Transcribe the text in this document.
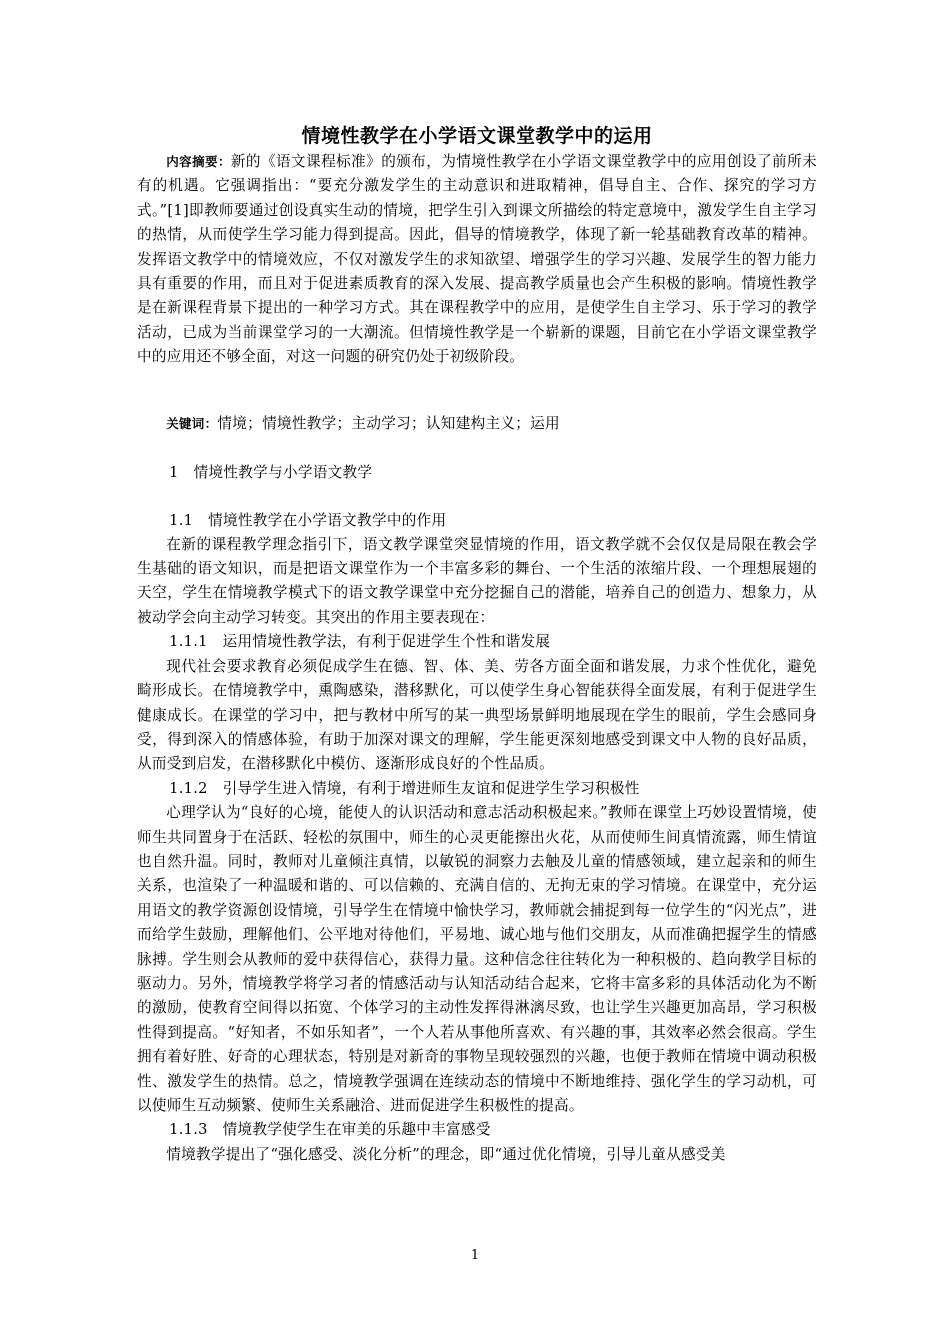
情境性教学在小学语文课堂教学中的运用

内容摘要：新的《语文课程标准》的颁布，为情境性教学在小学语文课堂教学中的应用创设了前所未有的机遇。它强调指出：“要充分激发学生的主动意识和进取精神，倡导自主、合作、探究的学习方式。”[1]即教师要通过创设真实生动的情境，把学生引入到课文所描绘的特定意境中，激发学生自主学习的热情，从而使学生学习能力得到提高。因此，倡导的情境教学，体现了新一轮基础教育改革的精神。发挥语文教学中的情境效应，不仅对激发学生的求知欲望、增强学生的学习兴趣、发展学生的智力能力具有重要的作用，而且对于促进素质教育的深入发展、提高教学质量也会产生积极的影响。情境性教学是在新课程背景下提出的一种学习方式。其在课程教学中的应用，是使学生自主学习、乐于学习的教学活动，已成为当前课堂学习的一大潮流。但情境性教学是一个崭新的课题，目前它在小学语文课堂教学中的应用还不够全面，对这一问题的研究仍处于初级阶段。

关键词：情境；情境性教学；主动学习；认知建构主义；运用

1　情境性教学与小学语文教学

1.1　情境性教学在小学语文教学中的作用

在新的课程教学理念指引下，语文教学课堂突显情境的作用，语文教学就不会仅仅是局限在教会学生基础的语文知识，而是把语文课堂作为一个丰富多彩的舞台、一个生活的浓缩片段、一个理想展翅的天空，学生在情境教学模式下的语文教学课堂中充分挖掘自己的潜能，培养自己的创造力、想象力，从被动学会向主动学习转变。其突出的作用主要表现在：

1.1.1　运用情境性教学法，有利于促进学生个性和谐发展

现代社会要求教育必须促成学生在德、智、体、美、劳各方面全面和谐发展，力求个性优化，避免畸形成长。在情境教学中，熏陶感染，潜移默化，可以使学生身心智能获得全面发展，有利于促进学生健康成长。在课堂的学习中，把与教材中所写的某一典型场景鲜明地展现在学生的眼前，学生会感同身受，得到深入的情感体验，有助于加深对课文的理解，学生能更深刻地感受到课文中人物的良好品质，从而受到启发，在潜移默化中模仿、逐渐形成良好的个性品质。

1.1.2　引导学生进入情境，有利于增进师生友谊和促进学生学习积极性

心理学认为“良好的心境，能使人的认识活动和意志活动积极起来。”教师在课堂上巧妙设置情境，使师生共同置身于在活跃、轻松的氛围中，师生的心灵更能擦出火花，从而使师生间真情流露，师生情谊也自然升温。同时，教师对儿童倾注真情，以敏锐的洞察力去触及儿童的情感领域，建立起亲和的师生关系，也渲染了一种温暖和谐的、可以信赖的、充满自信的、无拘无束的学习情境。在课堂中，充分运用语文的教学资源创设情境，引导学生在情境中愉快学习，教师就会捕捉到每一位学生的“闪光点”，进而给学生鼓励，理解他们、公平地对待他们，平易地、诚心地与他们交朋友，从而准确把握学生的情感脉搏。学生则会从教师的爱中获得信心，获得力量。这种信念往往转化为一种积极的、趋向教学目标的驱动力。另外，情境教学将学习者的情感活动与认知活动结合起来，它将丰富多彩的具体活动化为不断的激励，使教育空间得以拓宽、个体学习的主动性发挥得淋漓尽致，也让学生兴趣更加高昂，学习积极性得到提高。“好知者，不如乐知者”，一个人若从事他所喜欢、有兴趣的事，其效率必然会很高。学生拥有着好胜、好奇的心理状态，特别是对新奇的事物呈现较强烈的兴趣，也便于教师在情境中调动积极性、激发学生的热情。总之，情境教学强调在连续动态的情境中不断地维持、强化学生的学习动机，可以使师生互动频繁、使师生关系融洽、进而促进学生积极性的提高。

1.1.3　情境教学使学生在审美的乐趣中丰富感受

情境教学提出了“强化感受、淡化分析”的理念，即“通过优化情境，引导儿童从感受美

1
